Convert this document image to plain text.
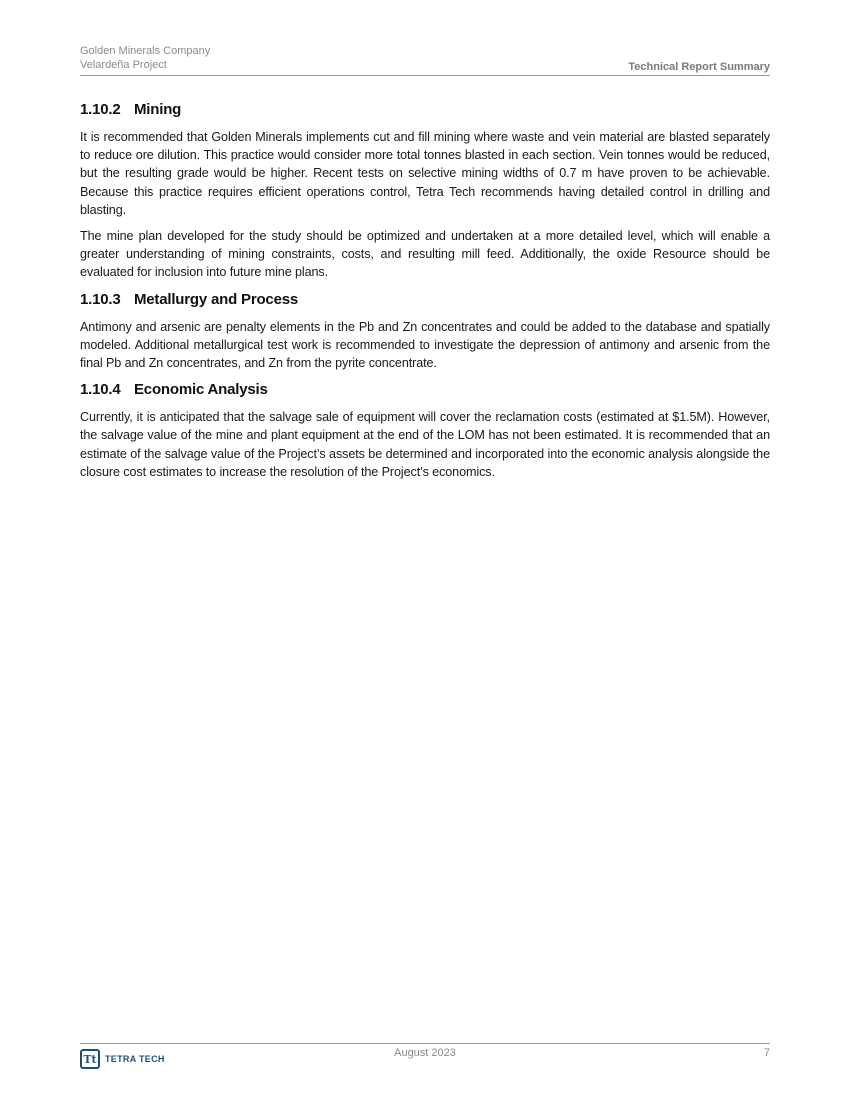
Golden Minerals Company
Velardeña Project	Technical Report Summary
1.10.2 Mining

It is recommended that Golden Minerals implements cut and fill mining where waste and vein material are blasted separately to reduce ore dilution. This practice would consider more total tonnes blasted in each section. Vein tonnes would be reduced, but the resulting grade would be higher. Recent tests on selective mining widths of 0.7 m have proven to be achievable. Because this practice requires efficient operations control, Tetra Tech recommends having detailed control in drilling and blasting.

The mine plan developed for the study should be optimized and undertaken at a more detailed level, which will enable a greater understanding of mining constraints, costs, and resulting mill feed. Additionally, the oxide Resource should be evaluated for inclusion into future mine plans.

1.10.3 Metallurgy and Process

Antimony and arsenic are penalty elements in the Pb and Zn concentrates and could be added to the database and spatially modeled. Additional metallurgical test work is recommended to investigate the depression of antimony and arsenic from the final Pb and Zn concentrates, and Zn from the pyrite concentrate.

1.10.4 Economic Analysis

Currently, it is anticipated that the salvage sale of equipment will cover the reclamation costs (estimated at $1.5M). However, the salvage value of the mine and plant equipment at the end of the LOM has not been estimated. It is recommended that an estimate of the salvage value of the Project’s assets be determined and incorporated into the economic analysis alongside the closure cost estimates to increase the resolution of the Project’s economics.

Tt TETRA TECH	August 2023	7
